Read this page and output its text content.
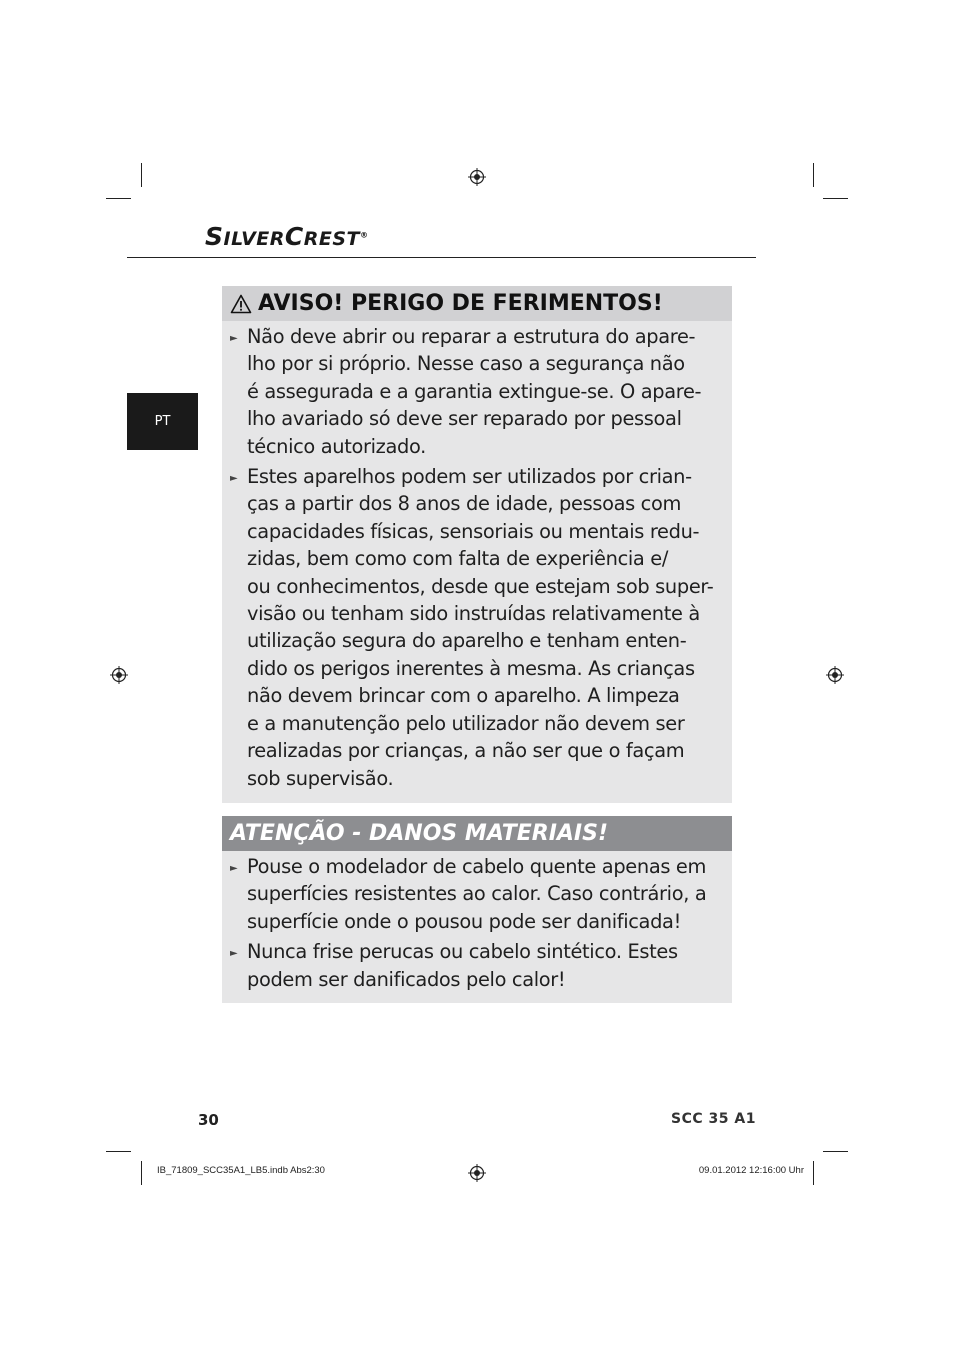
SILVERCREST®
PT
AVISO! PERIGO DE FERIMENTOS!
► Não deve abrir ou reparar a estrutura do apare-
lho por si próprio. Nesse caso a segurança não
é assegurada e a garantia extingue-se. O apare-
lho avariado só deve ser reparado por pessoal
técnico autorizado.
► Estes aparelhos podem ser utilizados por crian-
ças a partir dos 8 anos de idade, pessoas com
capacidades físicas, sensoriais ou mentais redu-
zidas, bem como com falta de experiência e/
ou conhecimentos, desde que estejam sob super-
visão ou tenham sido instruídas relativamente à
utilização segura do aparelho e tenham enten-
dido os perigos inerentes à mesma. As crianças
não devem brincar com o aparelho. A limpeza
e a manutenção pelo utilizador não devem ser
realizadas por crianças, a não ser que o façam
sob supervisão.
ATENÇÃO - DANOS MATERIAIS!
► Pouse o modelador de cabelo quente apenas em
superfícies resistentes ao calor. Caso contrário, a
superfície onde o pousou pode ser danificada!
► Nunca frise perucas ou cabelo sintético. Estes
podem ser danificados pelo calor!
30	SCC 35 A1
IB_71809_SCC35A1_LB5.indb Abs2:30	09.01.2012 12:16:00 Uhr
